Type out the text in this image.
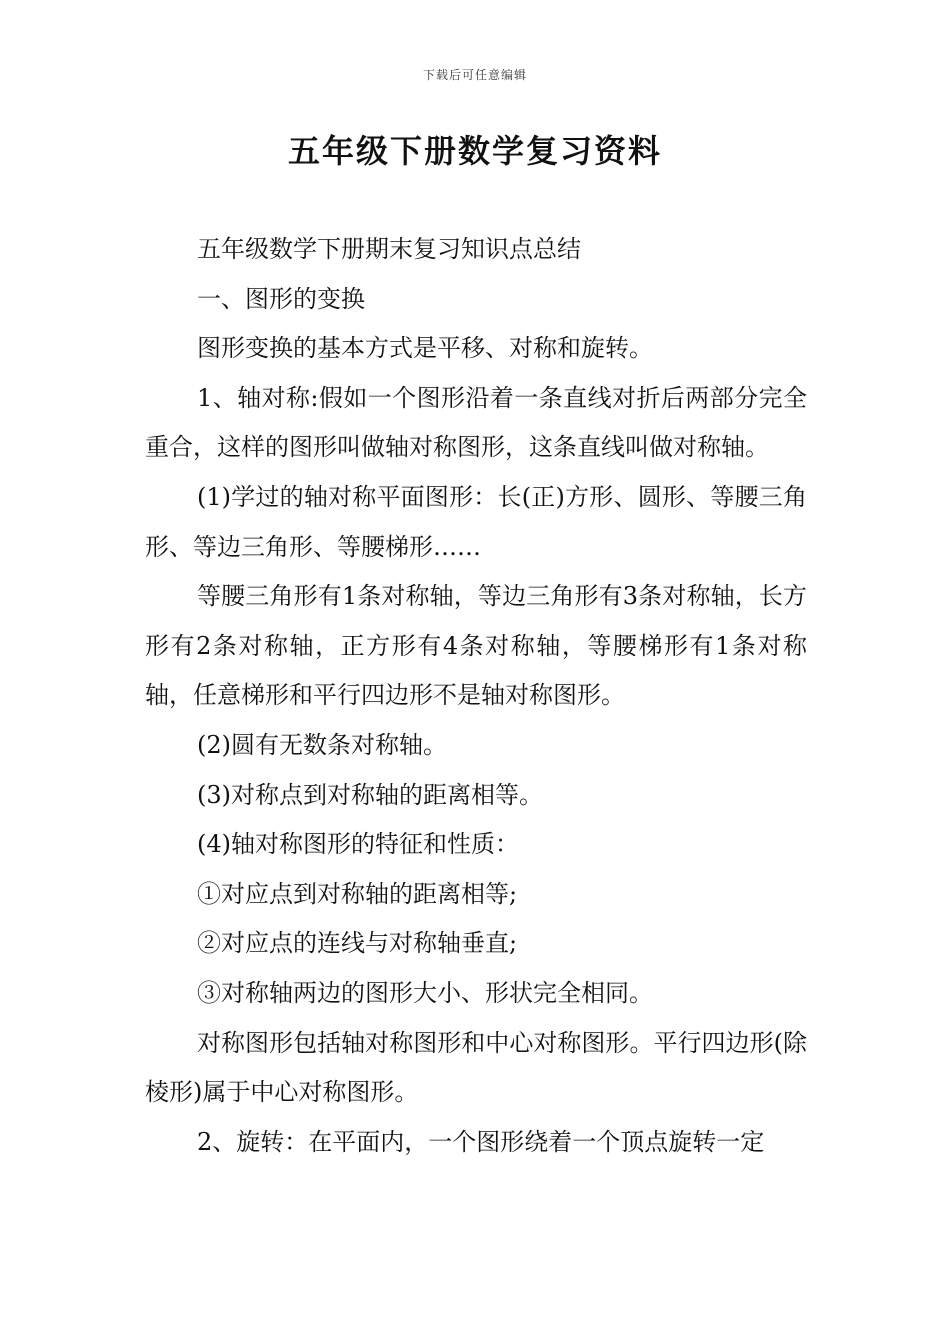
下载后可任意编辑
五年级下册数学复习资料

五年级数学下册期末复习知识点总结

一、图形的变换

图形变换的基本方式是平移、对称和旋转。

1、轴对称:假如一个图形沿着一条直线对折后两部分完全重合，这样的图形叫做轴对称图形，这条直线叫做对称轴。

(1)学过的轴对称平面图形：长(正)方形、圆形、等腰三角形、等边三角形、等腰梯形……

等腰三角形有1条对称轴，等边三角形有3条对称轴，长方形有2条对称轴，正方形有4条对称轴，等腰梯形有1条对称轴，任意梯形和平行四边形不是轴对称图形。

(2)圆有无数条对称轴。

(3)对称点到对称轴的距离相等。

(4)轴对称图形的特征和性质：

①对应点到对称轴的距离相等;

②对应点的连线与对称轴垂直;

③对称轴两边的图形大小、形状完全相同。

对称图形包括轴对称图形和中心对称图形。平行四边形(除棱形)属于中心对称图形。

2、旋转：在平面内，一个图形绕着一个顶点旋转一定
